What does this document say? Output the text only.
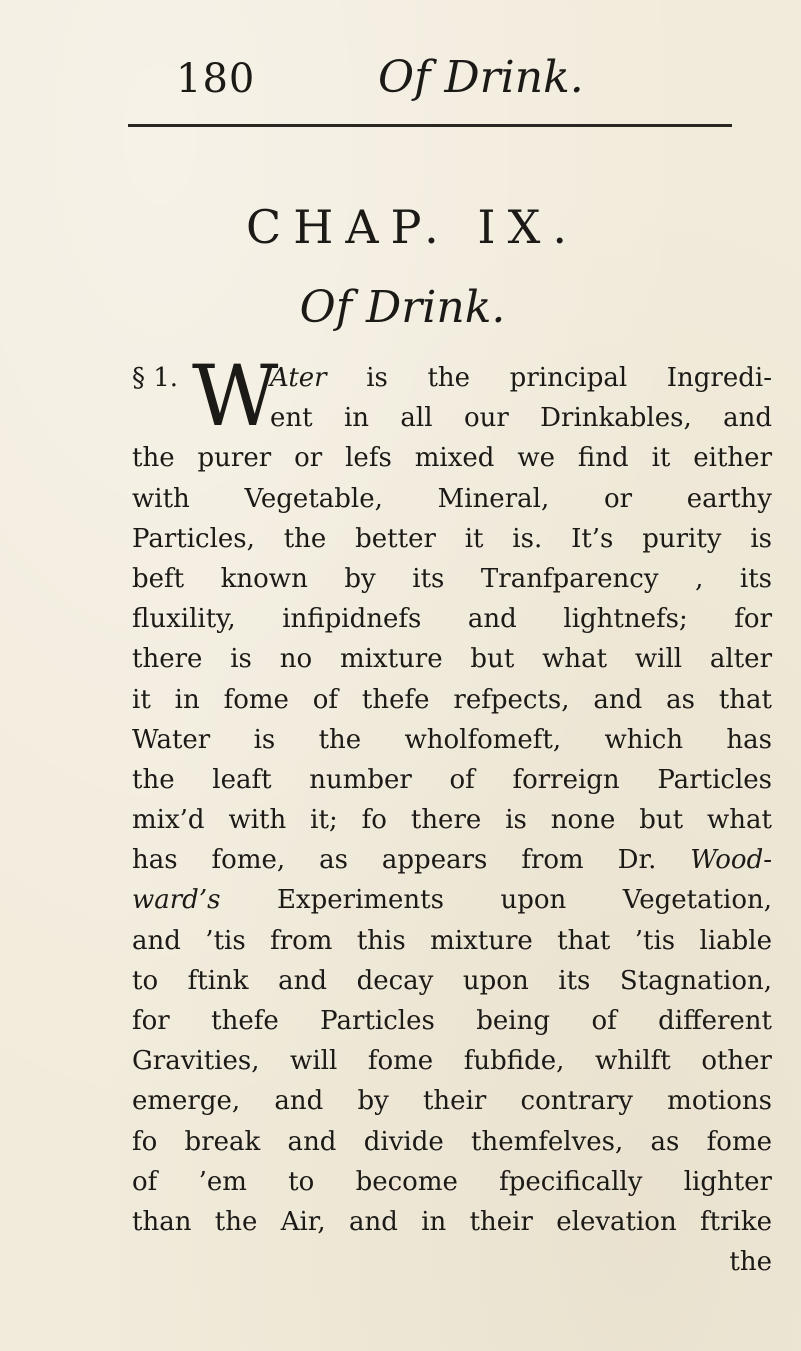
180	Of Drink.
CHAP. IX.
Of Drink.
§ 1. W
Ater is the principal Ingredi-
ent in all our Drinkables, and
the purer or lefs mixed we find it either
with Vegetable, Mineral, or earthy
Particles, the better it is. It’s purity is
beft known by its Tranfparency , its
fluxility, infipidnefs and lightnefs; for
there is no mixture but what will alter
it in fome of thefe refpects, and as that
Water is the wholfomeft, which has
the leaft number of forreign Particles
mix’d with it; fo there is none but what
has fome, as appears from Dr. Wood-
ward’s Experiments upon Vegetation,
and ’tis from this mixture that ’tis liable
to ftink and decay upon its Stagnation,
for thefe Particles being of different
Gravities, will fome fubfide, whilft other
emerge, and by their contrary motions
fo break and divide themfelves, as fome
of ’em to become fpecifically lighter
than the Air, and in their elevation ftrike
the
